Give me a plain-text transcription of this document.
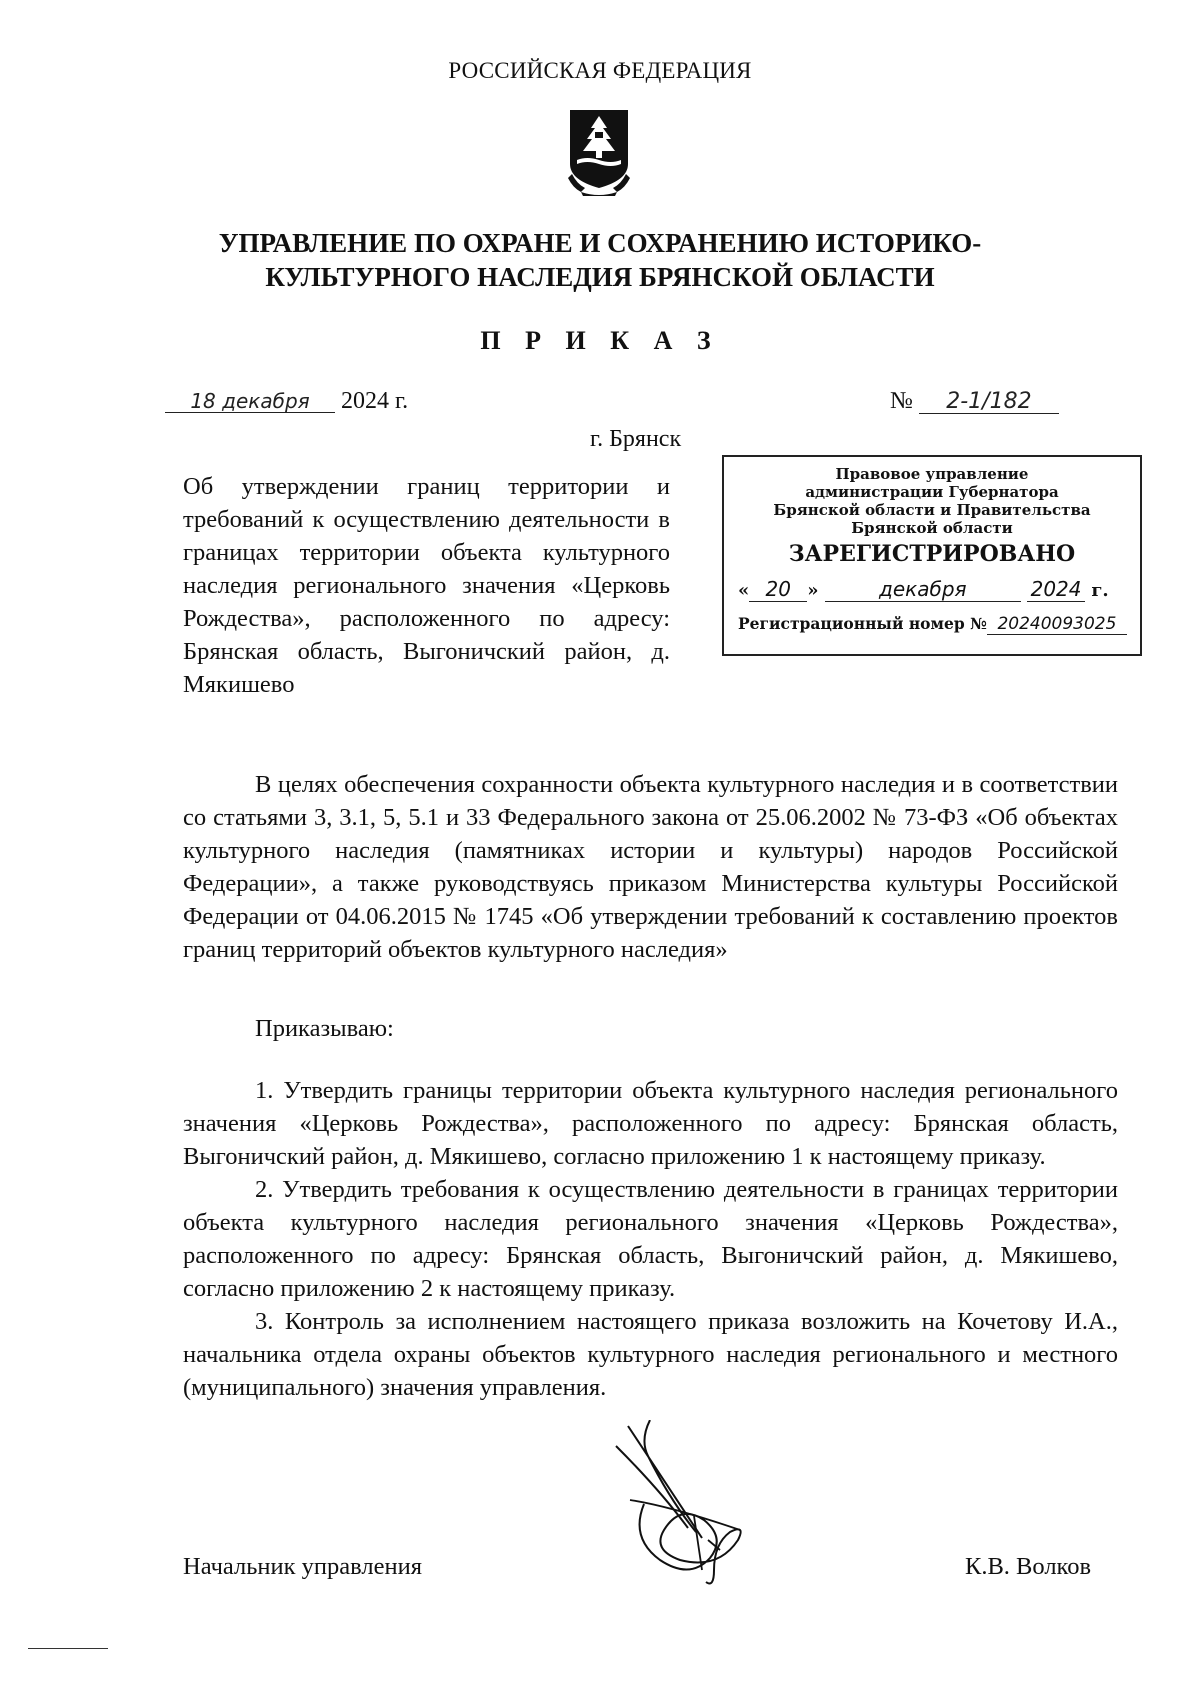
РОССИЙСКАЯ ФЕДЕРАЦИЯ
УПРАВЛЕНИЕ ПО ОХРАНЕ И СОХРАНЕНИЮ ИСТОРИКО-
КУЛЬТУРНОГО НАСЛЕДИЯ БРЯНСКОЙ ОБЛАСТИ
П Р И К А З
18 декабря 2024 г.	№ 2-1/182
г. Брянск
Об утверждении границ территории и требований к осуществлению деятельности в границах территории объекта культурного наследия регионального значения «Церковь Рождества», расположенного по адресу: Брянская область, Выгоничский район, д. Мякишево
Правовое управление
администрации Губернатора
Брянской области и Правительства
Брянской области
ЗАРЕГИСТРИРОВАНО
« 20 »	декабря	2024 г.
Регистрационный номер № 20240093025

В целях обеспечения сохранности объекта культурного наследия и в соответствии со статьями 3, 3.1, 5, 5.1 и 33 Федерального закона от 25.06.2002 № 73-ФЗ «Об объектах культурного наследия (памятниках истории и культуры) народов Российской Федерации», а также руководствуясь приказом Министерства культуры Российской Федерации от 04.06.2015 № 1745 «Об утверждении требований к составлению проектов границ территорий объектов культурного наследия»

Приказываю:

1. Утвердить границы территории объекта культурного наследия регионального значения «Церковь Рождества», расположенного по адресу: Брянская область, Выгоничский район, д. Мякишево, согласно приложению 1 к настоящему приказу.

2. Утвердить требования к осуществлению деятельности в границах территории объекта культурного наследия регионального значения «Церковь Рождества», расположенного по адресу: Брянская область, Выгоничский район, д. Мякишево, согласно приложению 2 к настоящему приказу.

3. Контроль за исполнением настоящего приказа возложить на Кочетову И.А., начальника отдела охраны объектов культурного наследия регионального и местного (муниципального) значения управления.

Начальник управления	К.В. Волков
